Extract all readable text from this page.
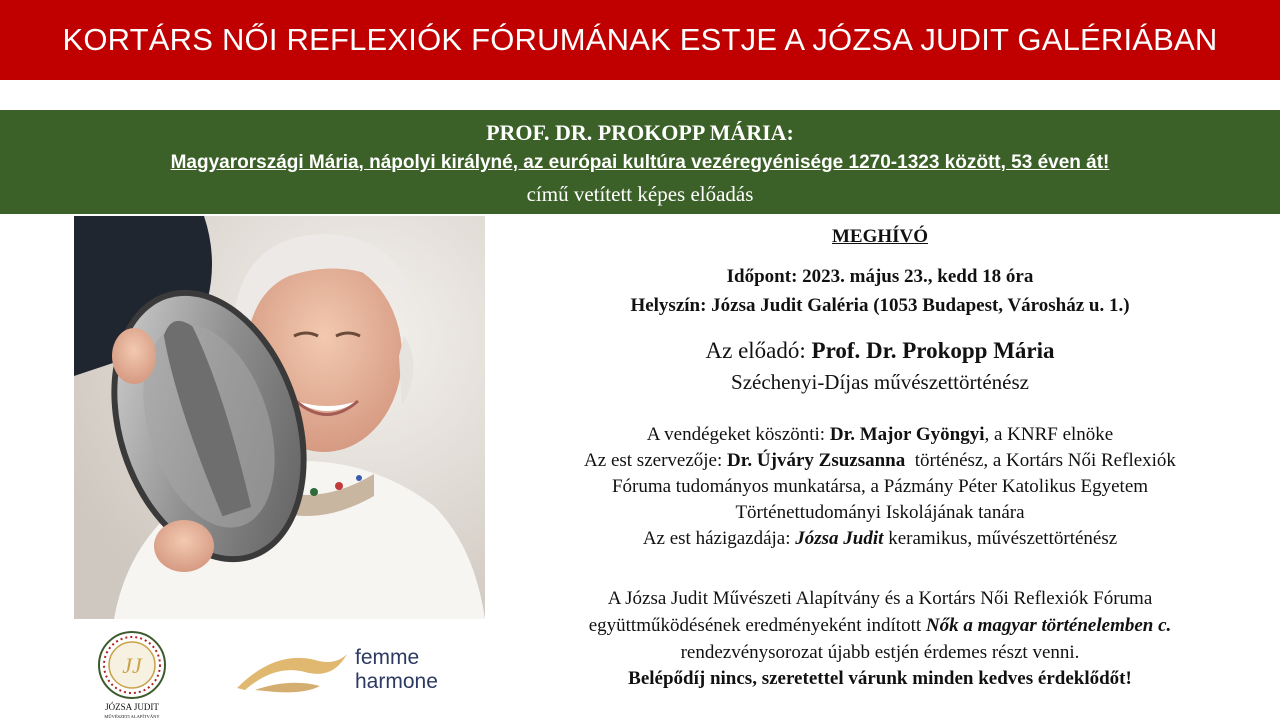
KORTÁRS NŐI REFLEXIÓK FÓRUMÁNAK ESTJE A JÓZSA JUDIT GALÉRIÁBAN
PROF. DR. PROKOPP MÁRIA:
Magyarországi Mária, nápolyi királyné, az európai kultúra vezéregyénisége 1270-1323 között, 53 éven át!
című vetített képes előadás
JJ
JÓZSA JUDIT
MŰVÉSZETI ALAPÍTVÁNY
femme
harmone
MEGHÍVÓ
Időpont: 2023. május 23., kedd 18 óra
Helyszín: Józsa Judit Galéria (1053 Budapest, Városház u. 1.)
Az előadó: Prof. Dr. Prokopp Mária
Széchenyi-Díjas művészettörténész
A vendégeket köszönti: Dr. Major Gyöngyi, a KNRF elnöke
Az est szervezője: Dr. Újváry Zsuzsanna  történész, a Kortárs Női Reflexiók
Fóruma tudományos munkatársa, a Pázmány Péter Katolikus Egyetem
Történettudományi Iskolájának tanára
Az est házigazdája: Józsa Judit keramikus, művészettörténész
A Józsa Judit Művészeti Alapítvány és a Kortárs Női Reflexiók Fóruma
együttműködésének eredményeként indított Nők a magyar történelemben c.
rendezvénysorozat újabb estjén érdemes részt venni.
Belépődíj nincs, szeretettel várunk minden kedves érdeklődőt!
